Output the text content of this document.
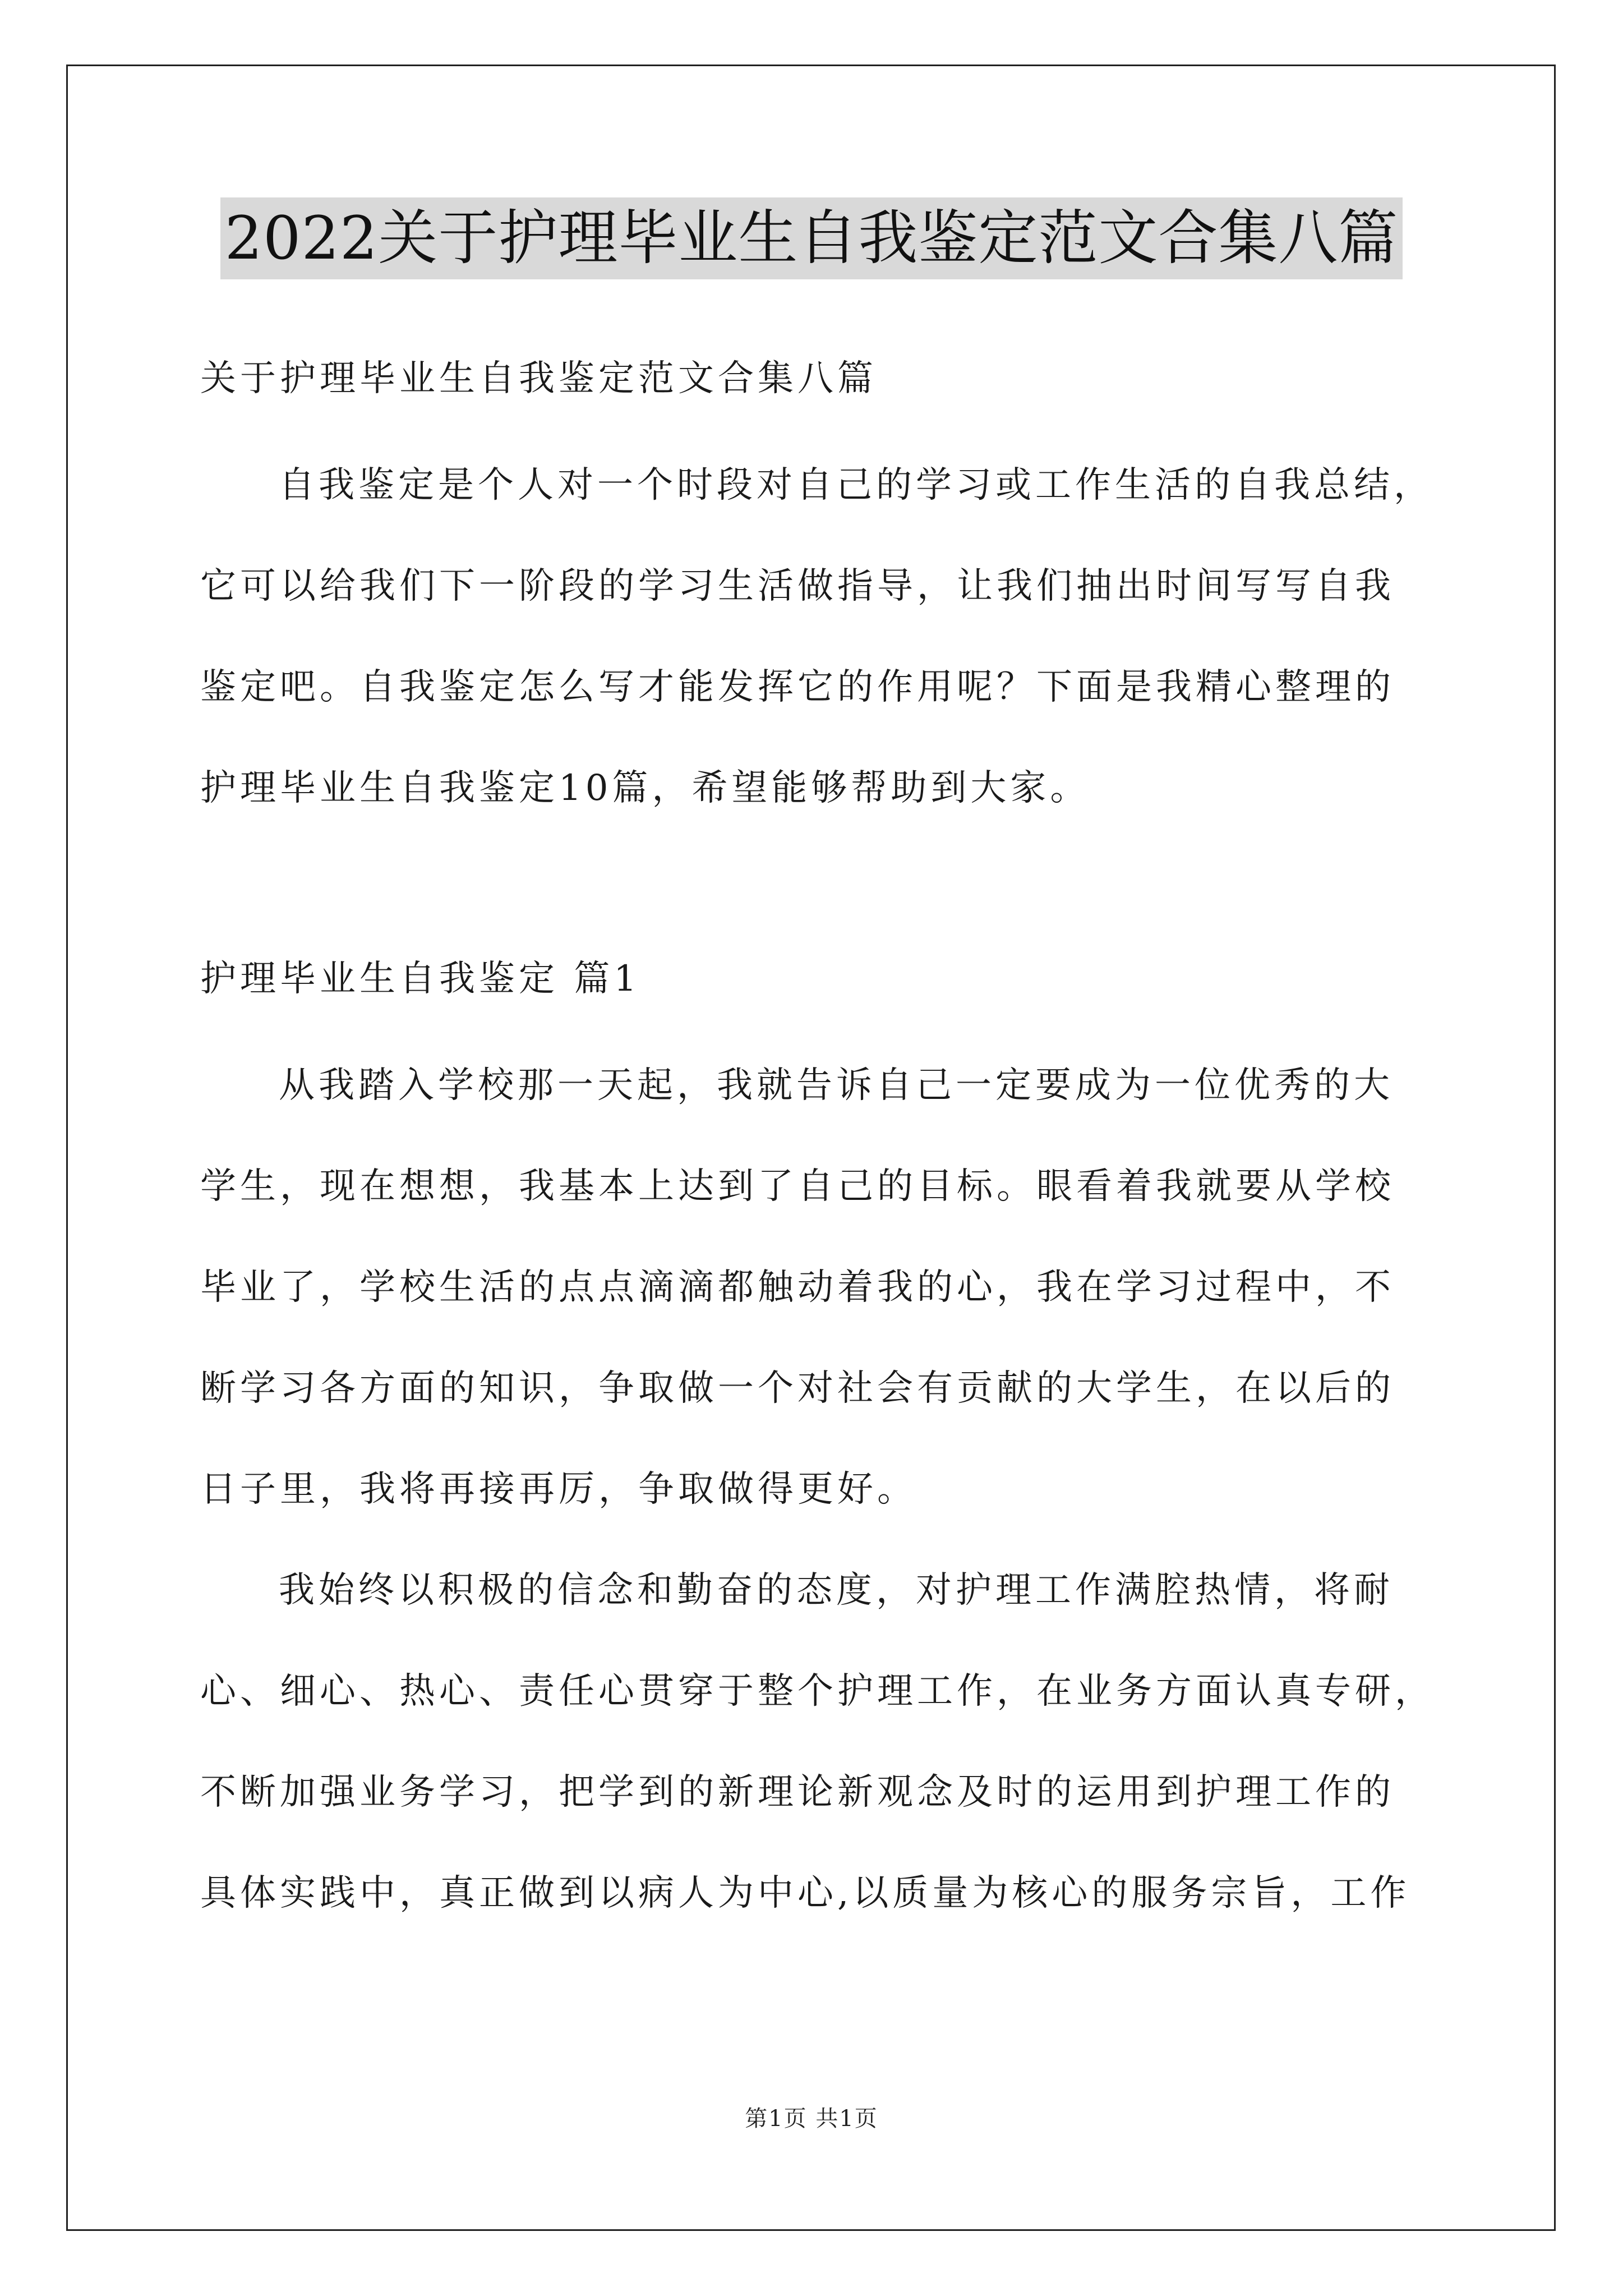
2022关于护理毕业生自我鉴定范文合集八篇
关于护理毕业生自我鉴定范文合集八篇
自我鉴定是个人对一个时段对自己的学习或工作生活的自我总结，
它可以给我们下一阶段的学习生活做指导，让我们抽出时间写写自我
鉴定吧。自我鉴定怎么写才能发挥它的作用呢？下面是我精心整理的
护理毕业生自我鉴定10篇，希望能够帮助到大家。
护理毕业生自我鉴定 篇1
从我踏入学校那一天起，我就告诉自己一定要成为一位优秀的大
学生，现在想想，我基本上达到了自己的目标。眼看着我就要从学校
毕业了，学校生活的点点滴滴都触动着我的心，我在学习过程中，不
断学习各方面的知识，争取做一个对社会有贡献的大学生，在以后的
日子里，我将再接再厉，争取做得更好。
我始终以积极的信念和勤奋的态度，对护理工作满腔热情，将耐
心、细心、热心、责任心贯穿于整个护理工作，在业务方面认真专研，
不断加强业务学习，把学到的新理论新观念及时的运用到护理工作的
具体实践中，真正做到以病人为中心,以质量为核心的服务宗旨，工作
第1页 共1页
